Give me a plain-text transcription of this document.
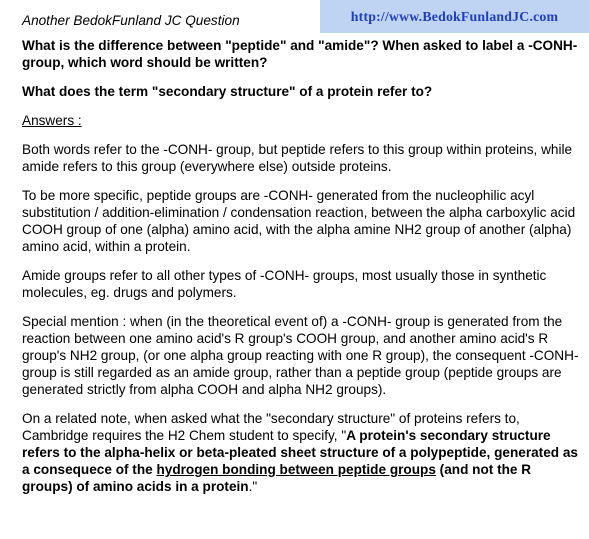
http://www.BedokFunlandJC.com
Another BedokFunland JC Question
What is the difference between "peptide" and "amide"? When asked to label a -CONH- group, which word should be written?
What does the term "secondary structure" of a protein refer to?
Answers :

Both words refer to the -CONH- group, but peptide refers to this group within proteins, while amide refers to this group (everywhere else) outside proteins.

To be more specific, peptide groups are -CONH- generated from the nucleophilic acyl substitution / addition-elimination / condensation reaction, between the alpha carboxylic acid COOH group of one (alpha) amino acid, with the alpha amine NH2 group of another (alpha) amino acid, within a protein.

Amide groups refer to all other types of -CONH- groups, most usually those in synthetic molecules, eg. drugs and polymers.

Special mention : when (in the theoretical event of) a -CONH- group is generated from the reaction between one amino acid's R group's COOH group, and another amino acid's R group's NH2 group, (or one alpha group reacting with one R group), the consequent -CONH- group is still regarded as an amide group, rather than a peptide group (peptide groups are generated strictly from alpha COOH and alpha NH2 groups).

On a related note, when asked what the "secondary structure" of proteins refers to, Cambridge requires the H2 Chem student to specify, "A protein's secondary structure refers to the alpha-helix or beta-pleated sheet structure of a polypeptide, generated as a consequece of the hydrogen bonding between peptide groups (and not the R groups) of amino acids in a protein."
